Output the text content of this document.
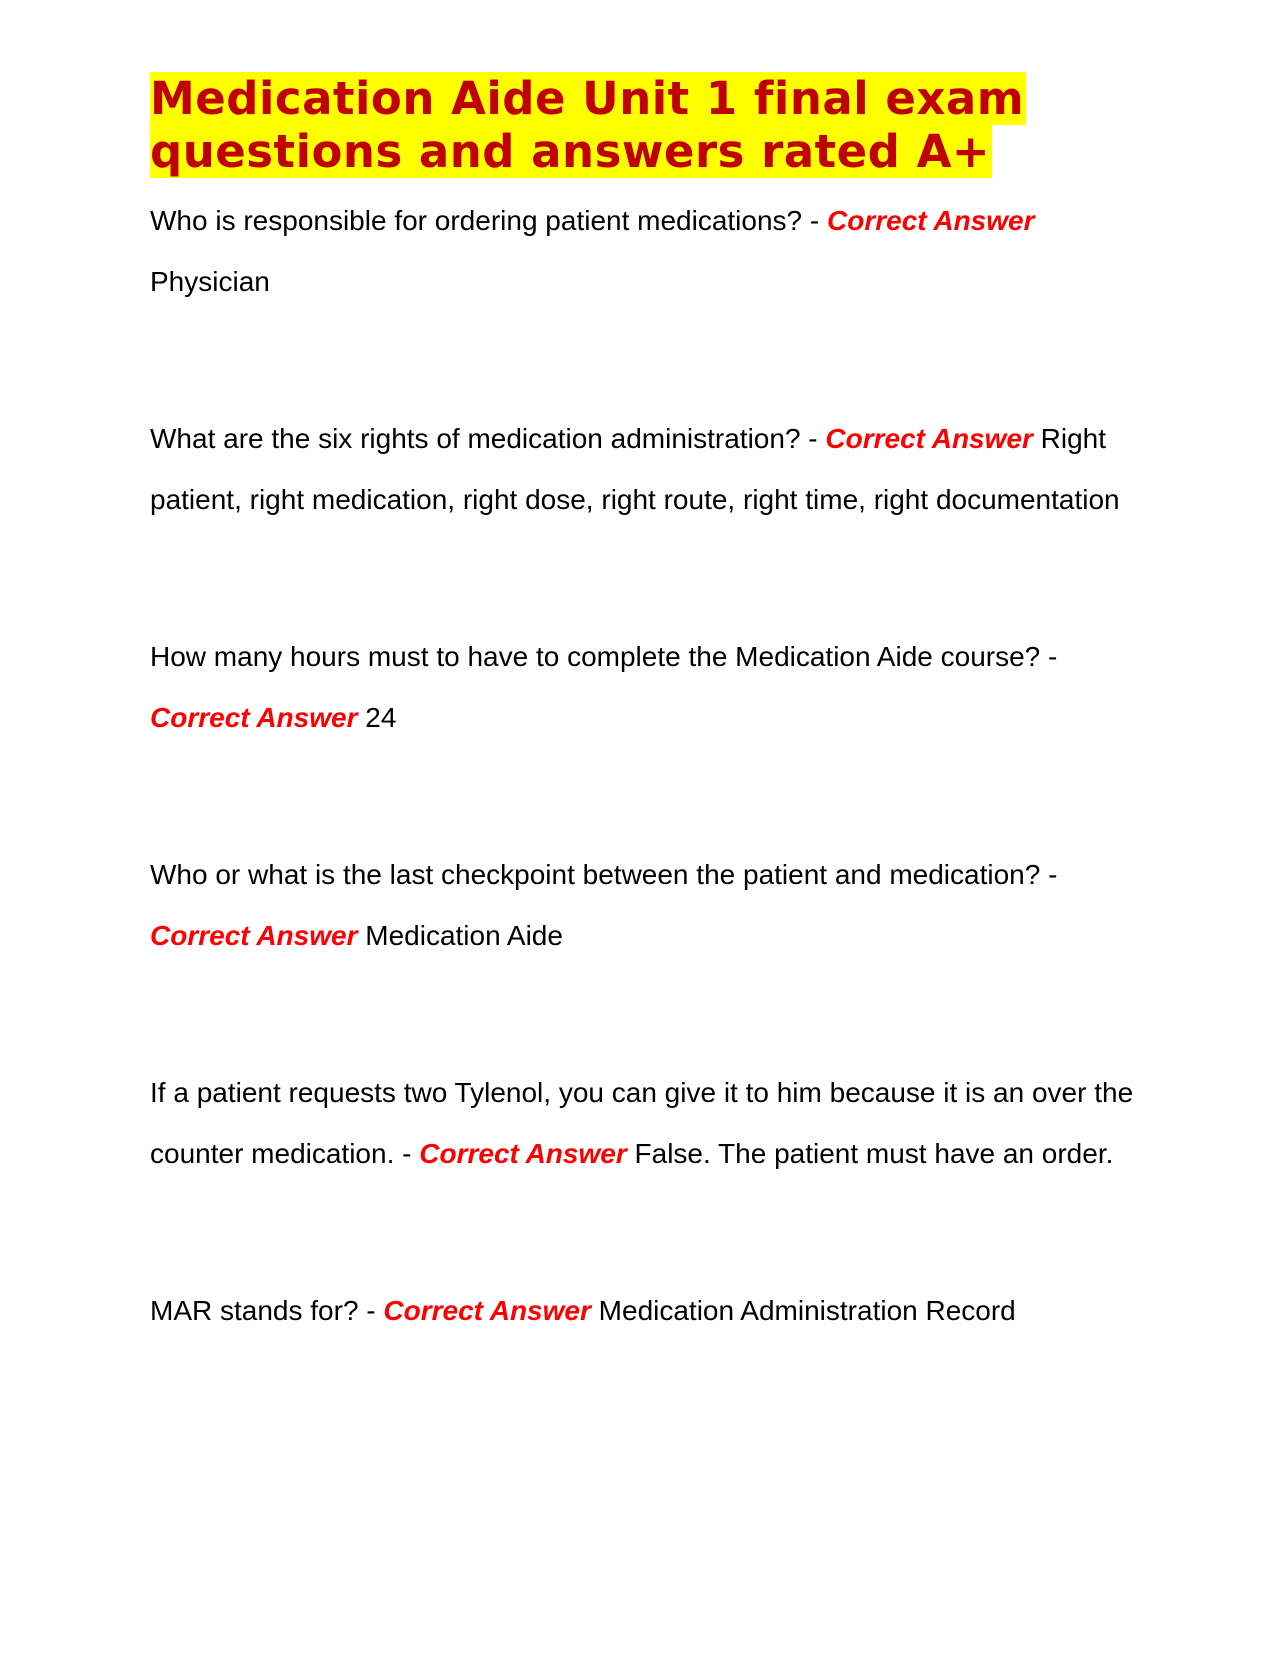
Medication Aide Unit 1 final exam
questions and answers rated A+

Who is responsible for ordering patient medications? - Correct Answer Physician

What are the six rights of medication administration? - Correct Answer Right patient, right medication, right dose, right route, right time, right documentation

How many hours must to have to complete the Medication Aide course? - Correct Answer 24

Who or what is the last checkpoint between the patient and medication? - Correct Answer Medication Aide

If a patient requests two Tylenol, you can give it to him because it is an over the counter medication. - Correct Answer False. The patient must have an order.

MAR stands for? - Correct Answer Medication Administration Record
